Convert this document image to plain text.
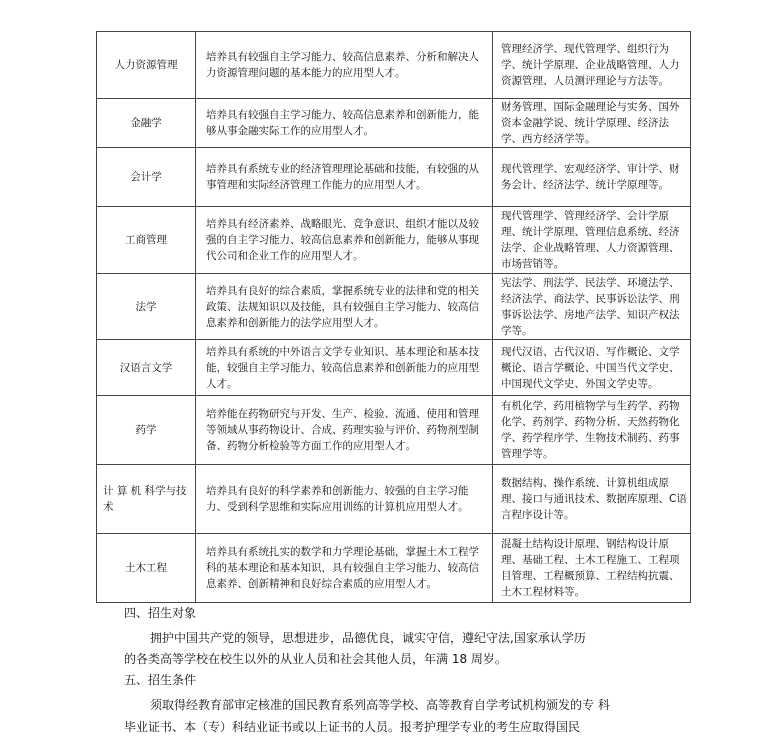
人力资源管理	培养具有较强自主学习能力、较高信息素养、分析和解决人力资源管理问题的基本能力的应用型人才。	管理经济学、现代管理学、组织行为学、统计学原理、企业战略管理、人力资源管理、人员测评理论与方法等。
金融学	培养具有较强自主学习能力、较高信息素养和创新能力，能够从事金融实际工作的应用型人才。	财务管理、国际金融理论与实务、国外资本金融学说、统计学原理、经济法学、西方经济学等。
会计学	培养具有系统专业的经济管理理论基础和技能，有较强的从事管理和实际经济管理工作能力的应用型人才。	现代管理学、宏观经济学、审计学、财务会计、经济法学、统计学原理等。
工商管理	培养具有经济素养、战略眼光、竞争意识、组织才能以及较强的自主学习能力、较高信息素养和创新能力，能够从事现代公司和企业工作的应用型人才。	现代管理学、管理经济学、会计学原理、统计学原理、管理信息系统、经济法学、企业战略管理、人力资源管理、市场营销等。
法学	培养具有良好的综合素质，掌握系统专业的法律和党的相关政策、法规知识以及技能，具有较强自主学习能力、较高信息素养和创新能力的法学应用型人才。	宪法学、刑法学、民法学、环境法学、经济法学、商法学、民事诉讼法学、刑事诉讼法学、房地产法学、知识产权法学等。
汉语言文学	培养具有系统的中外语言文学专业知识、基本理论和基本技能，较强自主学习能力、较高信息素养和创新能力的应用型人才。	现代汉语、古代汉语、写作概论、文学概论、语言学概论、中国当代文学史、中国现代文学史、外国文学史等。
药学	培养能在药物研究与开发、生产、检验、流通、使用和管理等领域从事药物设计、合成、药理实验与评价、药物剂型制备、药物分析检验等方面工作的应用型人才。	有机化学、药用植物学与生药学、药物化学、药剂学、药物分析、天然药物化学、药学程序学、生物技术制药、药事管理学等。

计 算 机 科学与技 术	培养具有良好的科学素养和创新能力、较强的自主学习能力、受到科学思维和实际应用训练的计算机应用型人才。	数据结构、操作系统、计算机组成原理、接口与通讯技术、数据库原理、C语言程序设计等。
土木工程	培养具有系统扎实的数学和力学理论基础，掌握土木工程学科的基本理论和基本知识，具有较强自主学习能力、较高信息素养、创新精神和良好综合素质的应用型人才。	混凝土结构设计原理、钢结构设计原理、基础工程、土木工程施工、工程项目管理、工程概预算、工程结构抗震、土木工程材料等。
四、招生对象
拥护中国共产党的领导，思想进步，品德优良，诚实守信，遵纪守法,国家承认学历
的各类高等学校在校生以外的从业人员和社会其他人员，年满 18 周岁。
五、招生条件
须取得经教育部审定核准的国民教育系列高等学校、高等教育自学考试机构颁发的专 科
毕业证书、本（专）科结业证书或以上证书的人员。报考护理学专业的考生应取得国民
